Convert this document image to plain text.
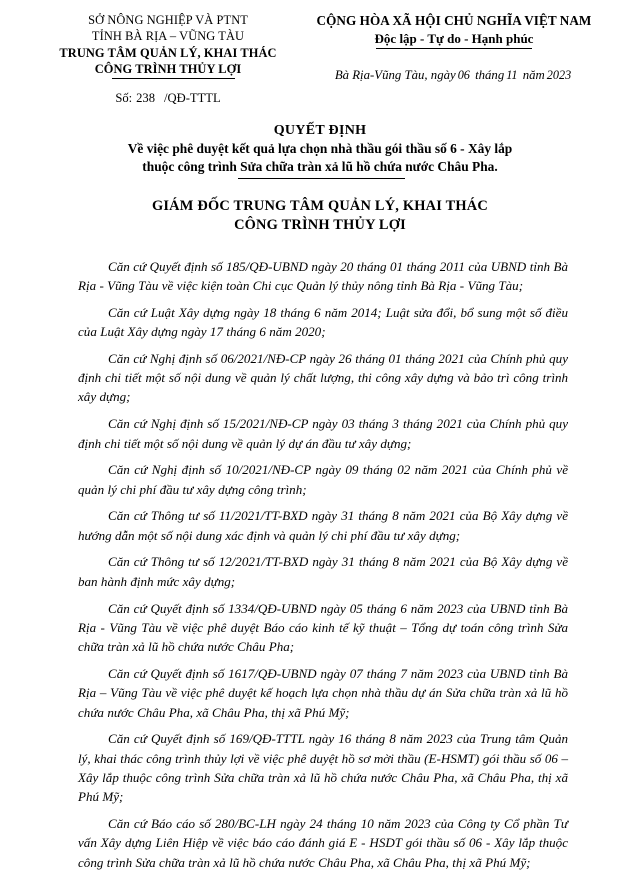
SỞ NÔNG NGHIỆP VÀ PTNT
TỈNH BÀ RỊA – VŨNG TÀU
TRUNG TÂM QUẢN LÝ, KHAI THÁC
CÔNG TRÌNH THỦY LỢI
Số: 238 /QĐ-TTTL
CỘNG HÒA XÃ HỘI CHỦ NGHĨA VIỆT NAM
Độc lập - Tự do - Hạnh phúc
Bà Rịa-Vũng Tàu, ngày 06 tháng 11 năm 2023
QUYẾT ĐỊNH
Về việc phê duyệt kết quả lựa chọn nhà thầu gói thầu số 6 - Xây lắp
thuộc công trình Sửa chữa tràn xả lũ hồ chứa nước Châu Pha.
GIÁM ĐỐC TRUNG TÂM QUẢN LÝ, KHAI THÁC
CÔNG TRÌNH THỦY LỢI

Căn cứ Quyết định số 185/QĐ-UBND ngày 20 tháng 01 tháng 2011 của UBND tỉnh Bà Rịa - Vũng Tàu về việc kiện toàn Chi cục Quản lý thủy nông tỉnh Bà Rịa - Vũng Tàu;

Căn cứ Luật Xây dựng ngày 18 tháng 6 năm 2014; Luật sửa đổi, bổ sung một số điều của Luật Xây dựng ngày 17 tháng 6 năm 2020;

Căn cứ Nghị định số 06/2021/NĐ-CP ngày 26 tháng 01 tháng 2021 của Chính phủ quy định chi tiết một số nội dung về quản lý chất lượng, thi công xây dựng và bảo trì công trình xây dựng;

Căn cứ Nghị định số 15/2021/NĐ-CP ngày 03 tháng 3 tháng 2021 của Chính phủ quy định chi tiết một số nội dung về quản lý dự án đầu tư xây dựng;

Căn cứ Nghị định số 10/2021/NĐ-CP ngày 09 tháng 02 năm 2021 của Chính phủ về quản lý chi phí đầu tư xây dựng công trình;

Căn cứ Thông tư số 11/2021/TT-BXD ngày 31 tháng 8 năm 2021 của Bộ Xây dựng về hướng dẫn một số nội dung xác định và quản lý chi phí đầu tư xây dựng;

Căn cứ Thông tư số 12/2021/TT-BXD ngày 31 tháng 8 năm 2021 của Bộ Xây dựng về ban hành định mức xây dựng;

Căn cứ Quyết định số 1334/QĐ-UBND ngày 05 tháng 6 năm 2023 của UBND tỉnh Bà Rịa - Vũng Tàu về việc phê duyệt Báo cáo kinh tế kỹ thuật – Tổng dự toán công trình Sửa chữa tràn xả lũ hồ chứa nước Châu Pha;

Căn cứ Quyết định số 1617/QĐ-UBND ngày 07 tháng 7 năm 2023 của UBND tỉnh Bà Rịa – Vũng Tàu về việc phê duyệt kế hoạch lựa chọn nhà thầu dự án Sửa chữa tràn xả lũ hồ chứa nước Châu Pha, xã Châu Pha, thị xã Phú Mỹ;

Căn cứ Quyết định số 169/QĐ-TTTL ngày 16 tháng 8 năm 2023 của Trung tâm Quản lý, khai thác công trình thủy lợi về việc phê duyệt hồ sơ mời thầu (E-HSMT) gói thầu số 06 – Xây lắp thuộc công trình Sửa chữa tràn xả lũ hồ chứa nước Châu Pha, xã Châu Pha, thị xã Phú Mỹ;

Căn cứ Báo cáo số 280/BC-LH ngày 24 tháng 10 năm 2023 của Công ty Cổ phần Tư vấn Xây dựng Liên Hiệp về việc báo cáo đánh giá E - HSDT gói thầu số 06 - Xây lắp thuộc công trình Sửa chữa tràn xả lũ hồ chứa nước Châu Pha, xã Châu Pha, thị xã Phú Mỹ;
